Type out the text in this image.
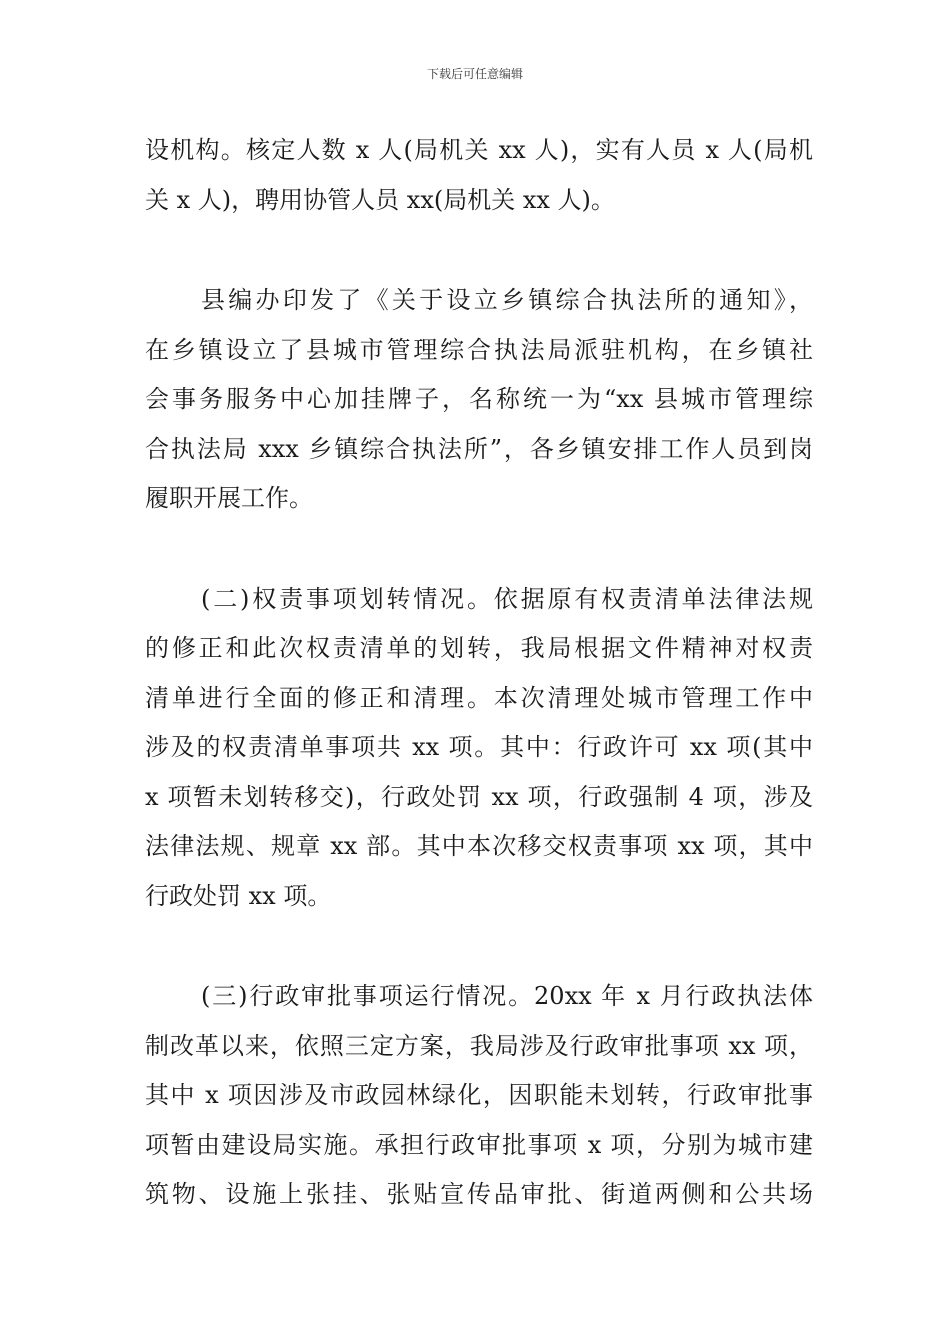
下载后可任意编辑
设机构。核定人数 x 人(局机关 xx 人)，实有人员 x 人(局机
关 x 人)，聘用协管人员 xx(局机关 xx 人)。
县编办印发了《关于设立乡镇综合执法所的通知》，
在乡镇设立了县城市管理综合执法局派驻机构，在乡镇社
会事务服务中心加挂牌子，名称统一为“xx 县城市管理综
合执法局 xxx 乡镇综合执法所”，各乡镇安排工作人员到岗
履职开展工作。
(二)权责事项划转情况。依据原有权责清单法律法规
的修正和此次权责清单的划转，我局根据文件精神对权责
清单进行全面的修正和清理。本次清理处城市管理工作中
涉及的权责清单事项共 xx 项。其中：行政许可 xx 项(其中
x 项暂未划转移交)，行政处罚 xx 项，行政强制 4 项，涉及
法律法规、规章 xx 部。其中本次移交权责事项 xx 项，其中
行政处罚 xx 项。
(三)行政审批事项运行情况。20xx 年 x 月行政执法体
制改革以来，依照三定方案，我局涉及行政审批事项 xx 项，
其中 x 项因涉及市政园林绿化，因职能未划转，行政审批事
项暂由建设局实施。承担行政审批事项 x 项，分别为城市建
筑物、设施上张挂、张贴宣传品审批、街道两侧和公共场
